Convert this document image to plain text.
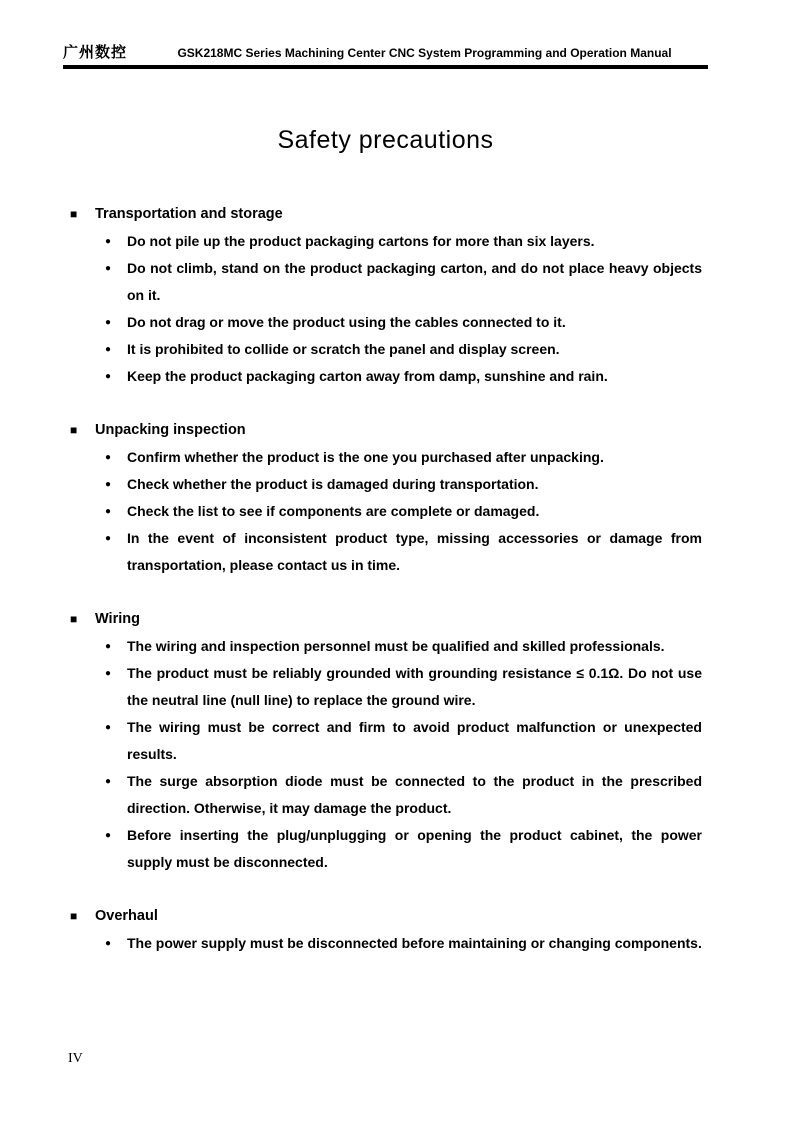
广州数控	GSK218MC Series Machining Center CNC System Programming and Operation Manual
Safety precautions
■	Transportation and storage
●	Do not pile up the product packaging cartons for more than six layers.
●	Do not climb, stand on the product packaging carton, and do not place heavy objects on it.
●	Do not drag or move the product using the cables connected to it.
●	It is prohibited to collide or scratch the panel and display screen.
●	Keep the product packaging carton away from damp, sunshine and rain.
■	Unpacking inspection
●	Confirm whether the product is the one you purchased after unpacking.
●	Check whether the product is damaged during transportation.
●	Check the list to see if components are complete or damaged.
●	In the event of inconsistent product type, missing accessories or damage from transportation, please contact us in time.
■	Wiring
●	The wiring and inspection personnel must be qualified and skilled professionals.
●	The product must be reliably grounded with grounding resistance ≤ 0.1Ω. Do not use the neutral line (null line) to replace the ground wire.
●	The wiring must be correct and firm to avoid product malfunction or unexpected results.
●	The surge absorption diode must be connected to the product in the prescribed direction. Otherwise, it may damage the product.
●	Before inserting the plug/unplugging or opening the product cabinet, the power supply must be disconnected.
■	Overhaul
●	The power supply must be disconnected before maintaining or changing components.
IV
